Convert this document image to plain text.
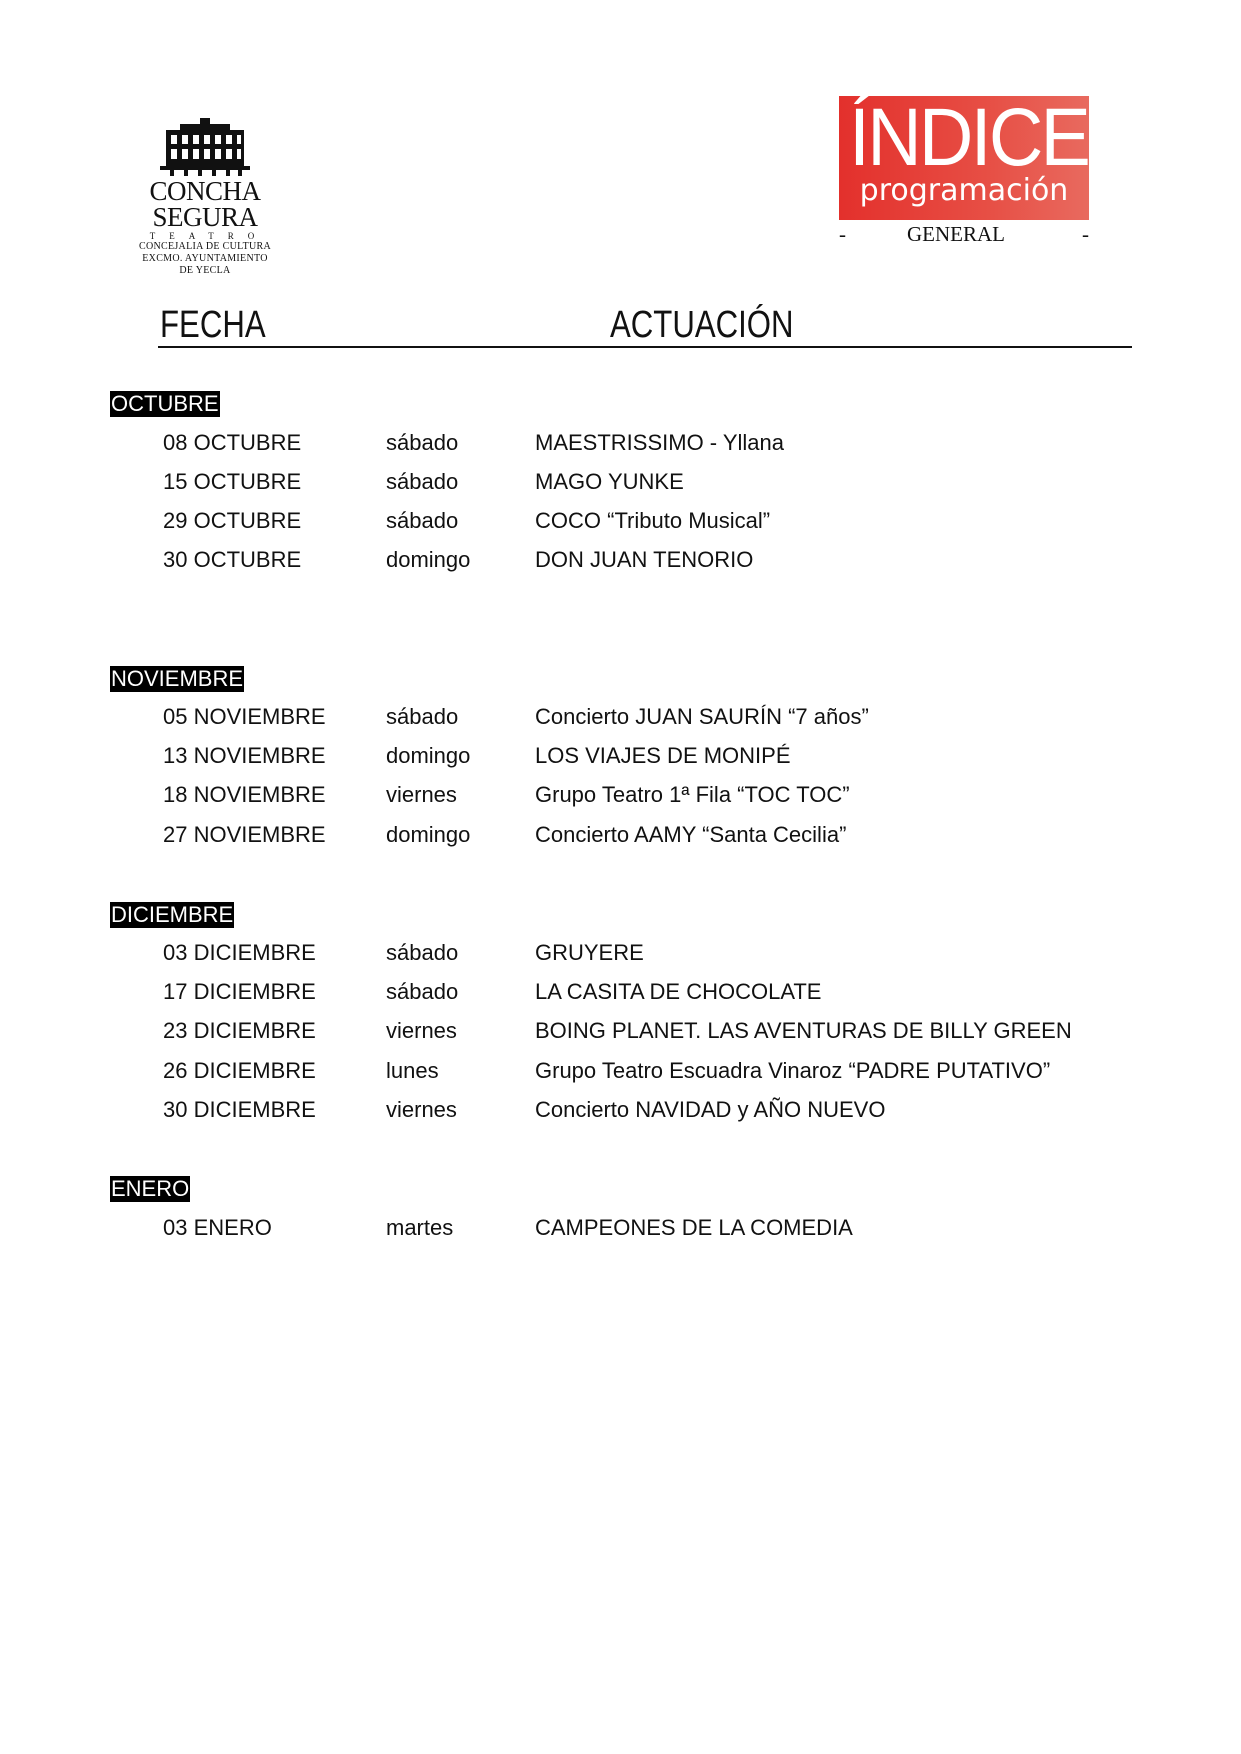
CONCHA SEGURA
TEATRO
CONCEJALIA DE CULTURA
EXCMO. AYUNTAMIENTO
DE YECLA
ÍNDICE
programación
-	GENERAL	-
FECHA	ACTUACIÓN
OCTUBRE
08 OCTUBRE	sábado	MAESTRISSIMO - Yllana
15 OCTUBRE	sábado	MAGO YUNKE
29 OCTUBRE	sábado	COCO “Tributo Musical”
30 OCTUBRE	domingo	DON JUAN TENORIO
NOVIEMBRE
05 NOVIEMBRE	sábado	Concierto JUAN SAURÍN “7 años”
13 NOVIEMBRE	domingo	LOS VIAJES DE MONIPÉ
18 NOVIEMBRE	viernes	Grupo Teatro 1ª Fila “TOC TOC”
27 NOVIEMBRE	domingo	Concierto AAMY “Santa Cecilia”
DICIEMBRE
03 DICIEMBRE	sábado	GRUYERE
17 DICIEMBRE	sábado	LA CASITA DE CHOCOLATE
23 DICIEMBRE	viernes	BOING PLANET. LAS AVENTURAS DE BILLY GREEN
26 DICIEMBRE	lunes	Grupo Teatro Escuadra Vinaroz “PADRE PUTATIVO”
30 DICIEMBRE	viernes	Concierto NAVIDAD y AÑO NUEVO
ENERO
03 ENERO	martes	CAMPEONES DE LA COMEDIA
